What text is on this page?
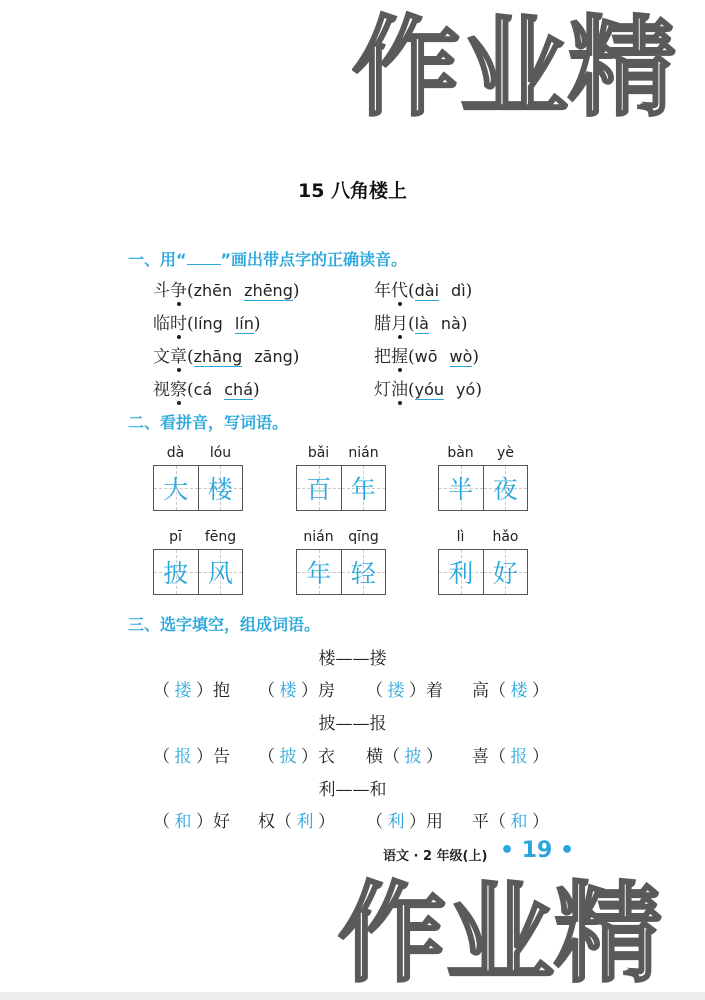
作业精
作业精
15 八角楼上
一、用“ ”画出带点字的正确读音。
斗争(zhēn zhēng)	年代(dài dì)
临时(líng lín)	腊月(là nà)
文章(zhāng zāng)	把握(wō wò)
视察(cá chá)	灯油(yóu yó)
二、看拼音，写词语。
dà	lóu
大 楼
bǎi	nián
百 年
bàn	yè
半 夜
pī	fēng
披 风
nián	qīng
年 轻
lì	hǎo
利 好
三、选字填空，组成词语。
楼——搂
披——报
利——和
（ 搂 ）抱 （ 楼 ）房 （ 搂 ）着 高（ 楼 ）
（ 报 ）告 （ 披 ）衣 横（ 披 ） 喜（ 报 ）
（ 和 ）好 权（ 利 ） （ 利 ）用 平（ 和 ）
语文 · 2 年级(上) • 19 •
